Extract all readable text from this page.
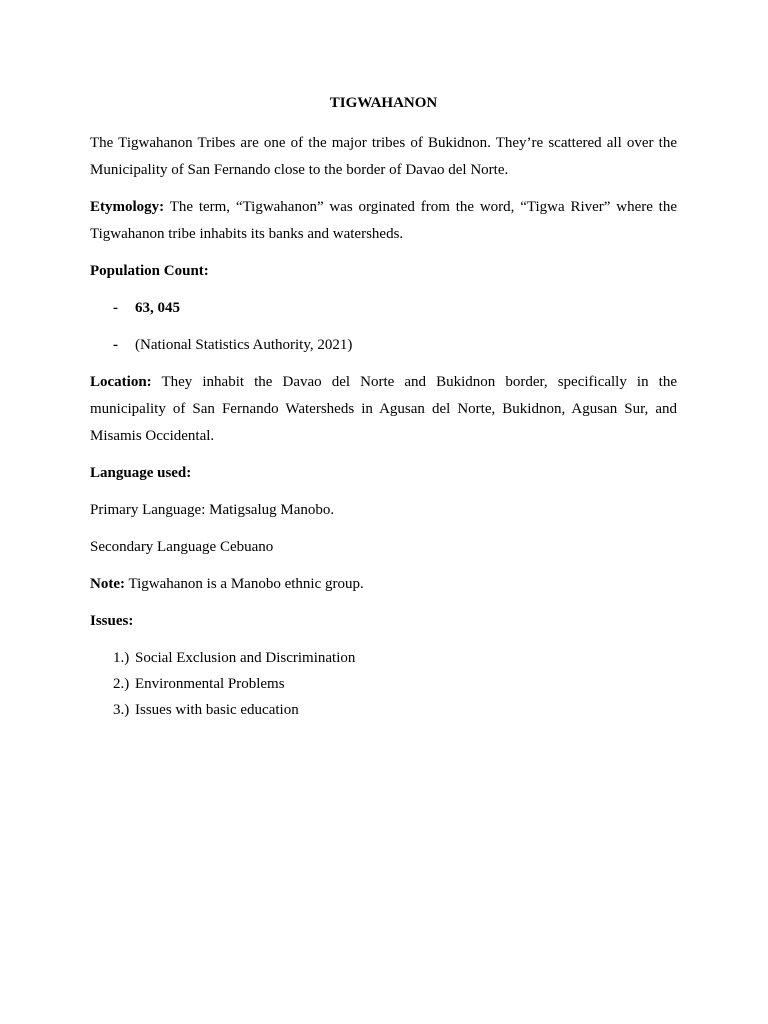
TIGWAHANON

The Tigwahanon Tribes are one of the major tribes of Bukidnon. They’re scattered all over the Municipality of San Fernando close to the border of Davao del Norte.

Etymology: The term, “Tigwahanon” was orginated from the word, “Tigwa River” where the Tigwahanon tribe inhabits its banks and watersheds.

Population Count:

- 63, 045
- (National Statistics Authority, 2021)

Location: They inhabit the Davao del Norte and Bukidnon border, specifically in the municipality of San Fernando Watersheds in Agusan del Norte, Bukidnon, Agusan Sur, and Misamis Occidental.

Language used:

Primary Language: Matigsalug Manobo.

Secondary Language Cebuano

Note: Tigwahanon is a Manobo ethnic group.

Issues:

1.) Social Exclusion and Discrimination
2.) Environmental Problems
3.) Issues with basic education
